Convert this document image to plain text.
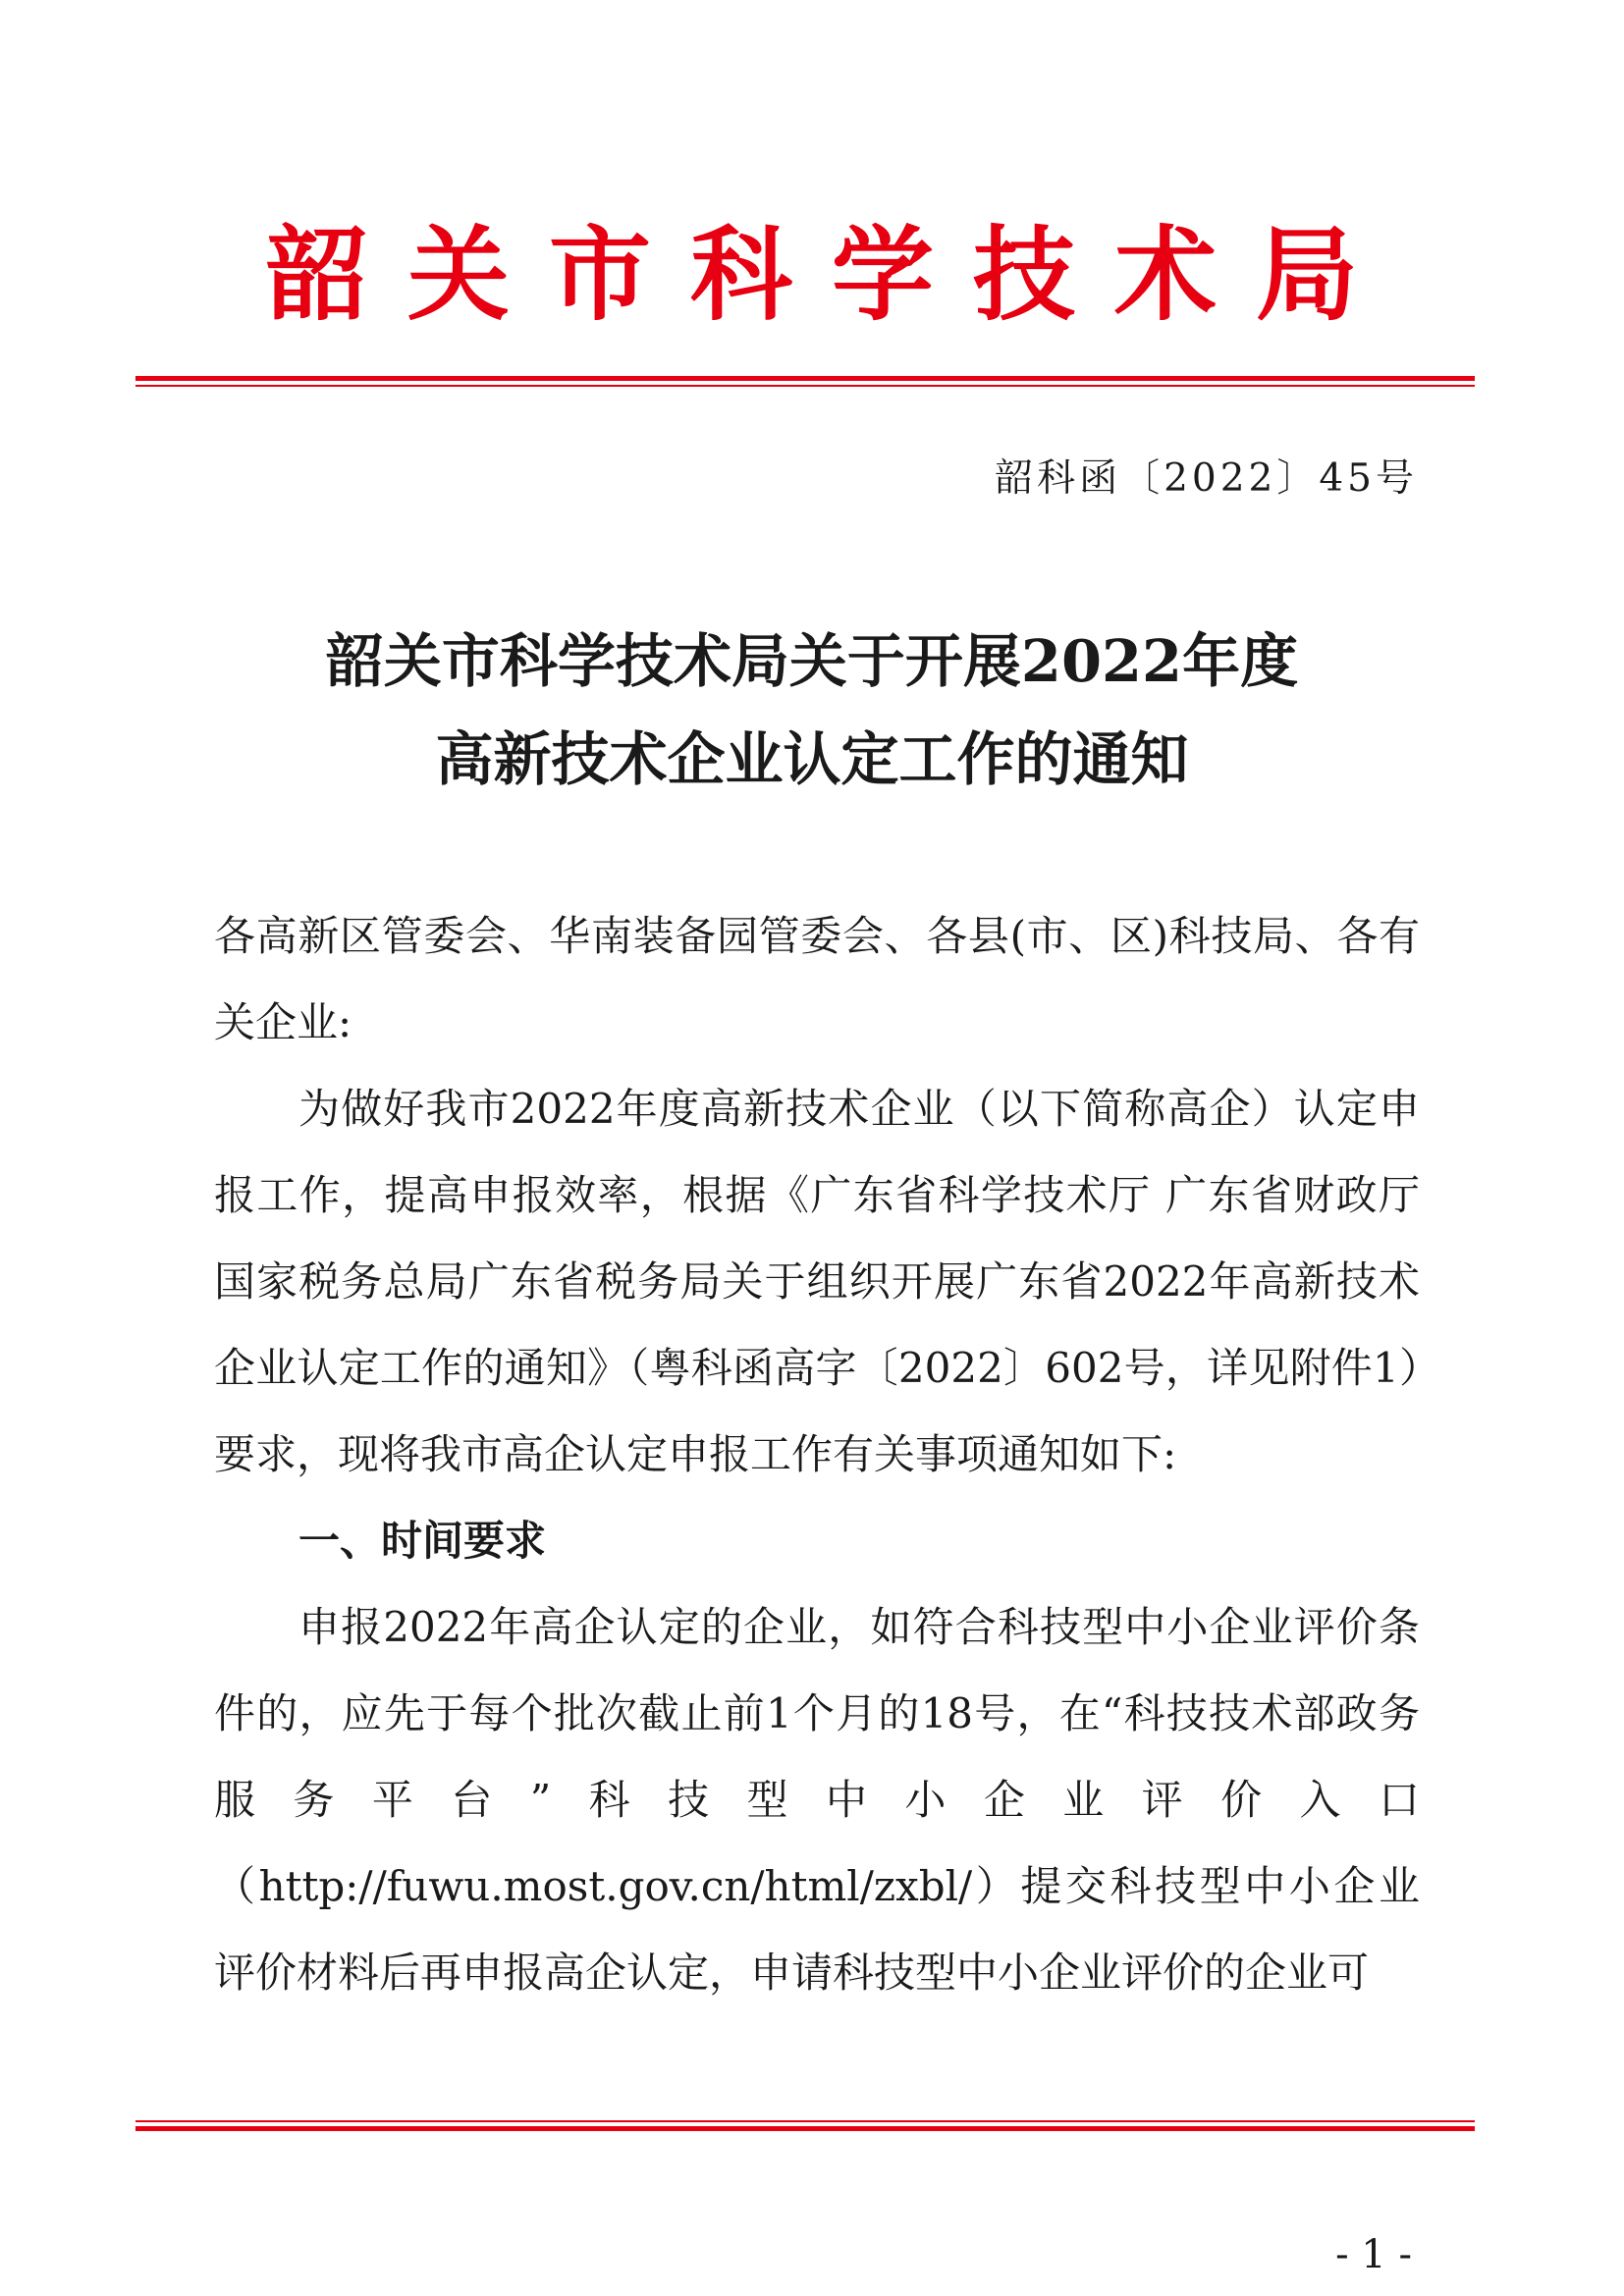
韶关市科学技术局
韶科函〔2022〕45号
韶关市科学技术局关于开展2022年度
高新技术企业认定工作的通知

各高新区管委会、华南装备园管委会、各县(市、区)科技局、各有关企业:

为做好我市2022年度高新技术企业（以下简称高企）认定申报工作，提高申报效率，根据《广东省科学技术厅 广东省财政厅 国家税务总局广东省税务局关于组织开展广东省2022年高新技术企业认定工作的通知》（粤科函高字〔2022〕602号，详见附件1）要求，现将我市高企认定申报工作有关事项通知如下:

一、时间要求

申报2022年高企认定的企业，如符合科技型中小企业评价条件的，应先于每个批次截止前1个月的18号，在“科技技术部政务服务平台”科技型中小企业评价入口（http://fuwu.most.gov.cn/html/zxbl/）提交科技型中小企业评价材料后再申报高企认定，申请科技型中小企业评价的企业可

- 1 -
